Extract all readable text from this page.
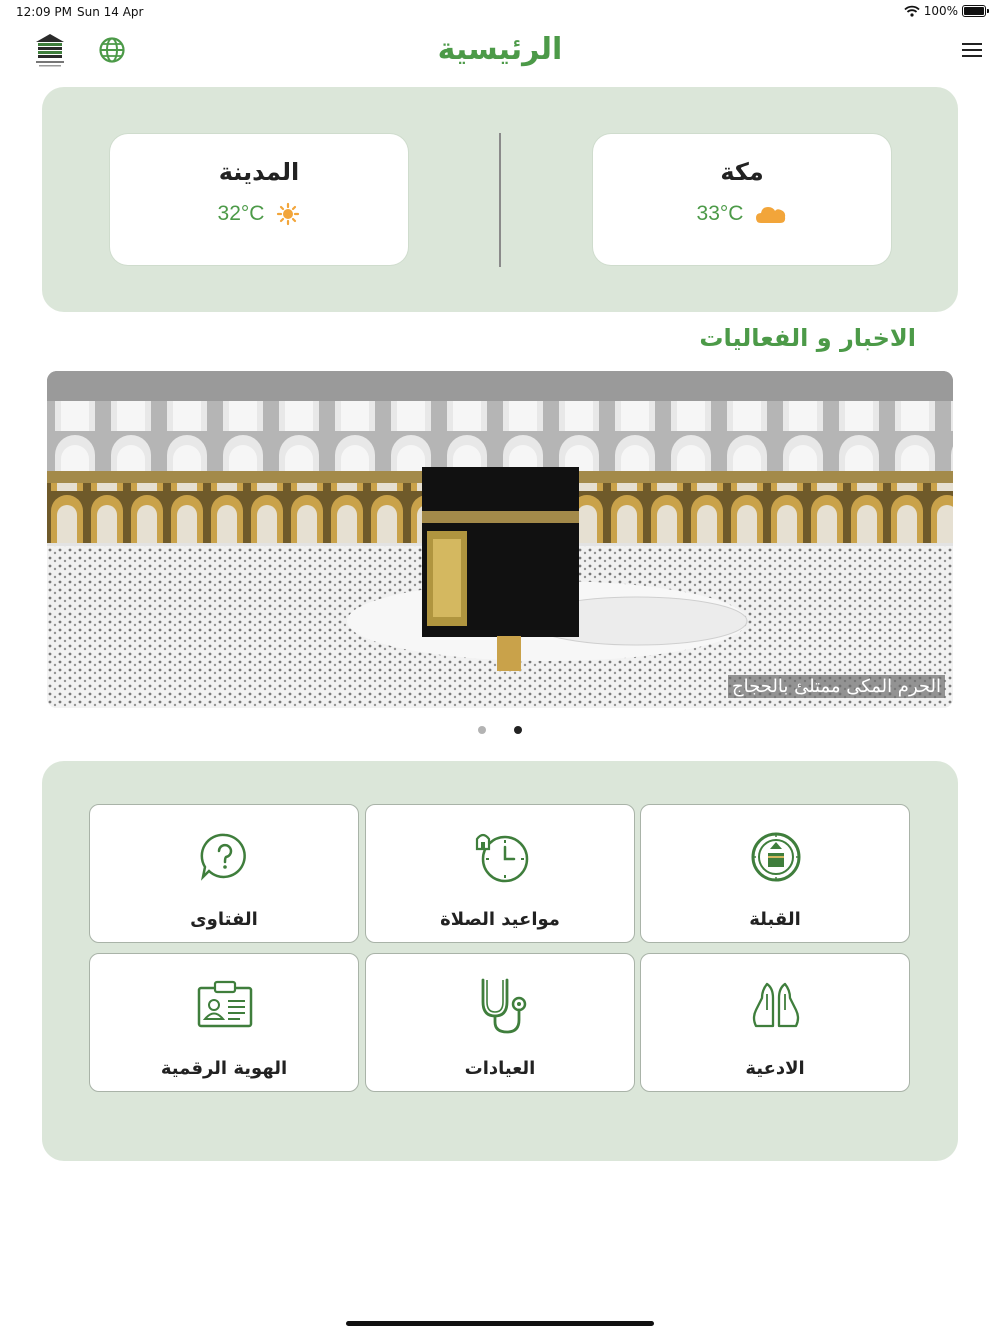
12:09 PM Sun 14 Apr	100%
الرئيسية
المدينة
32°C
مكة
33°C
الاخبار و الفعاليات
الحرم المكى ممتلئ بالحجاج
الفتاوى	مواعيد الصلاة	القبلة
الهوية الرقمية	العيادات	الادعية
